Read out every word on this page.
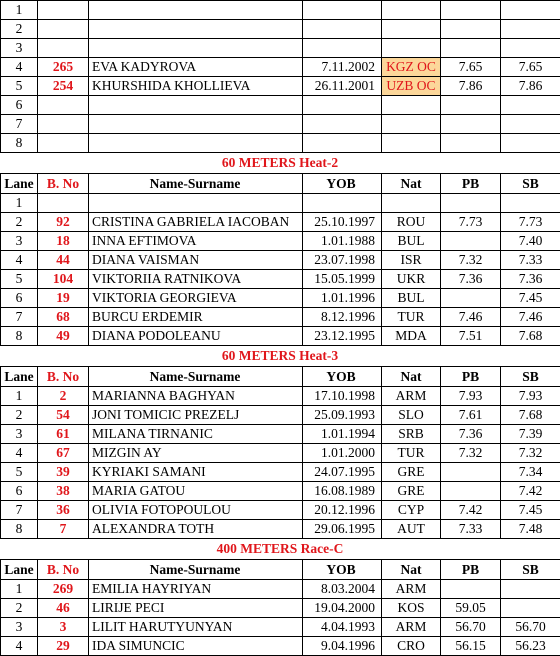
1						
2						
3						
4	265	EVA KADYROVA	7.11.2002	KGZ OC	7.65	7.65
5	254	KHURSHIDA KHOLLIEVA	26.11.2001	UZB OC	7.86	7.86
6						
7						
8						
60 METERS Heat-2
Lane	B. No	Name-Surname	YOB	Nat	PB	SB
1						
2	92	CRISTINA GABRIELA IACOBAN	25.10.1997	ROU	7.73	7.73
3	18	INNA EFTIMOVA	1.01.1988	BUL		7.40
4	44	DIANA VAISMAN	23.07.1998	ISR	7.32	7.33
5	104	VIKTORIIA RATNIKOVA	15.05.1999	UKR	7.36	7.36
6	19	VIKTORIA GEORGIEVA	1.01.1996	BUL		7.45
7	68	BURCU ERDEMIR	8.12.1996	TUR	7.46	7.46
8	49	DIANA PODOLEANU	23.12.1995	MDA	7.51	7.68
60 METERS Heat-3
Lane	B. No	Name-Surname	YOB	Nat	PB	SB
1	2	MARIANNA BAGHYAN	17.10.1998	ARM	7.93	7.93
2	54	JONI TOMICIC PREZELJ	25.09.1993	SLO	7.61	7.68
3	61	MILANA TIRNANIC	1.01.1994	SRB	7.36	7.39
4	67	MIZGIN AY	1.01.2000	TUR	7.32	7.32
5	39	KYRIAKI SAMANI	24.07.1995	GRE		7.34
6	38	MARIA GATOU	16.08.1989	GRE		7.42
7	36	OLIVIA FOTOPOULOU	20.12.1996	CYP	7.42	7.45
8	7	ALEXANDRA TOTH	29.06.1995	AUT	7.33	7.48
400 METERS Race-C
Lane	B. No	Name-Surname	YOB	Nat	PB	SB
1	269	EMILIA HAYRIYAN	8.03.2004	ARM		
2	46	LIRIJE PECI	19.04.2000	KOS	59.05	
3	3	LILIT HARUTYUNYAN	4.04.1993	ARM	56.70	56.70
4	29	IDA SIMUNCIC	9.04.1996	CRO	56.15	56.23
